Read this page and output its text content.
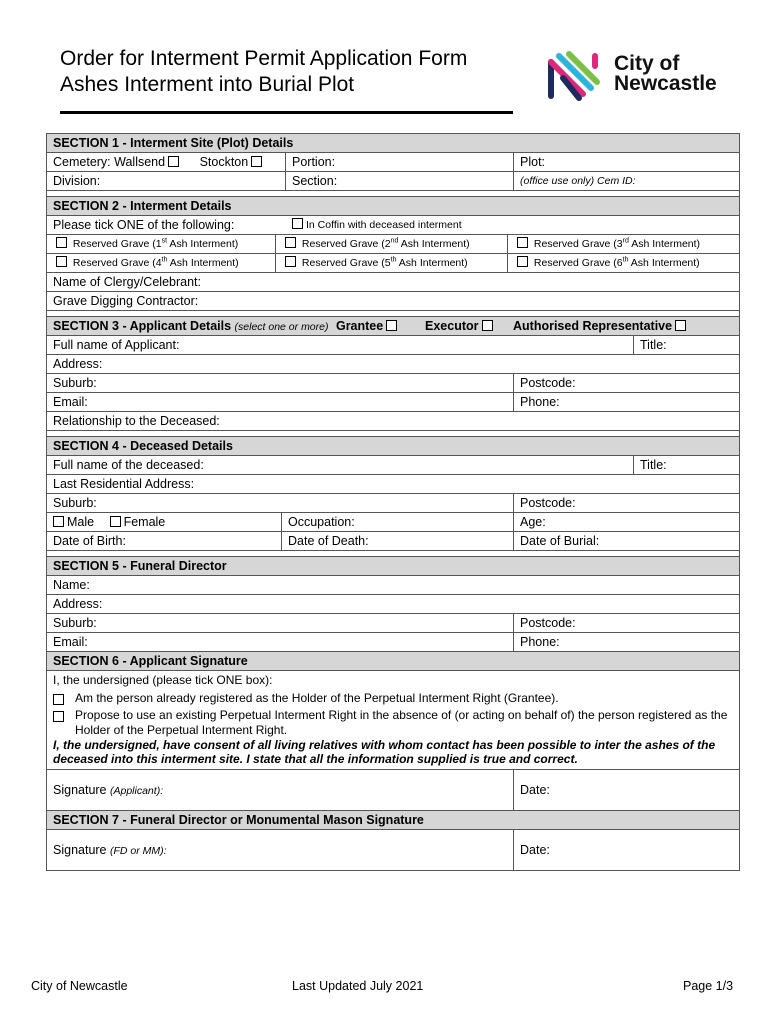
Order for Interment Permit Application Form
Ashes Interment into Burial Plot
City of
Newcastle
SECTION 1 - Interment Site (Plot) Details
Cemetery: Wallsend	Stockton	Portion:	Plot:
Division:	Section:	(office use only) Cem ID:
SECTION 2 - Interment Details
Please tick ONE of the following:	In Coffin with deceased interment
Reserved Grave (1st Ash Interment)	Reserved Grave (2nd Ash Interment)	Reserved Grave (3rd Ash Interment)
Reserved Grave (4th Ash Interment)	Reserved Grave (5th Ash Interment)	Reserved Grave (6th Ash Interment)
Name of Clergy/Celebrant:
Grave Digging Contractor:
SECTION 3 - Applicant Details (select one or more) Grantee	Executor	Authorised Representative
Full name of Applicant:	Title:
Address:
Suburb:	Postcode:
Email:	Phone:
Relationship to the Deceased:
SECTION 4 - Deceased Details
Full name of the deceased:	Title:
Last Residential Address:
Suburb:	Postcode:
Male Female	Occupation:	Age:
Date of Birth:	Date of Death:	Date of Burial:
SECTION 5 - Funeral Director
Name:
Address:
Suburb:	Postcode:
Email:	Phone:
SECTION 6 - Applicant Signature
I, the undersigned (please tick ONE box):
Am the person already registered as the Holder of the Perpetual Interment Right (Grantee).
Propose to use an existing Perpetual Interment Right in the absence of (or acting on behalf of) the person registered as the Holder of the Perpetual Interment Right.
I, the undersigned, have consent of all living relatives with whom contact has been possible to inter the ashes of the deceased into this interment site. I state that all the information supplied is true and correct.
Signature (Applicant):	Date:
SECTION 7 - Funeral Director or Monumental Mason Signature
Signature (FD or MM):	Date:
City of Newcastle	Last Updated July 2021	Page 1/3
